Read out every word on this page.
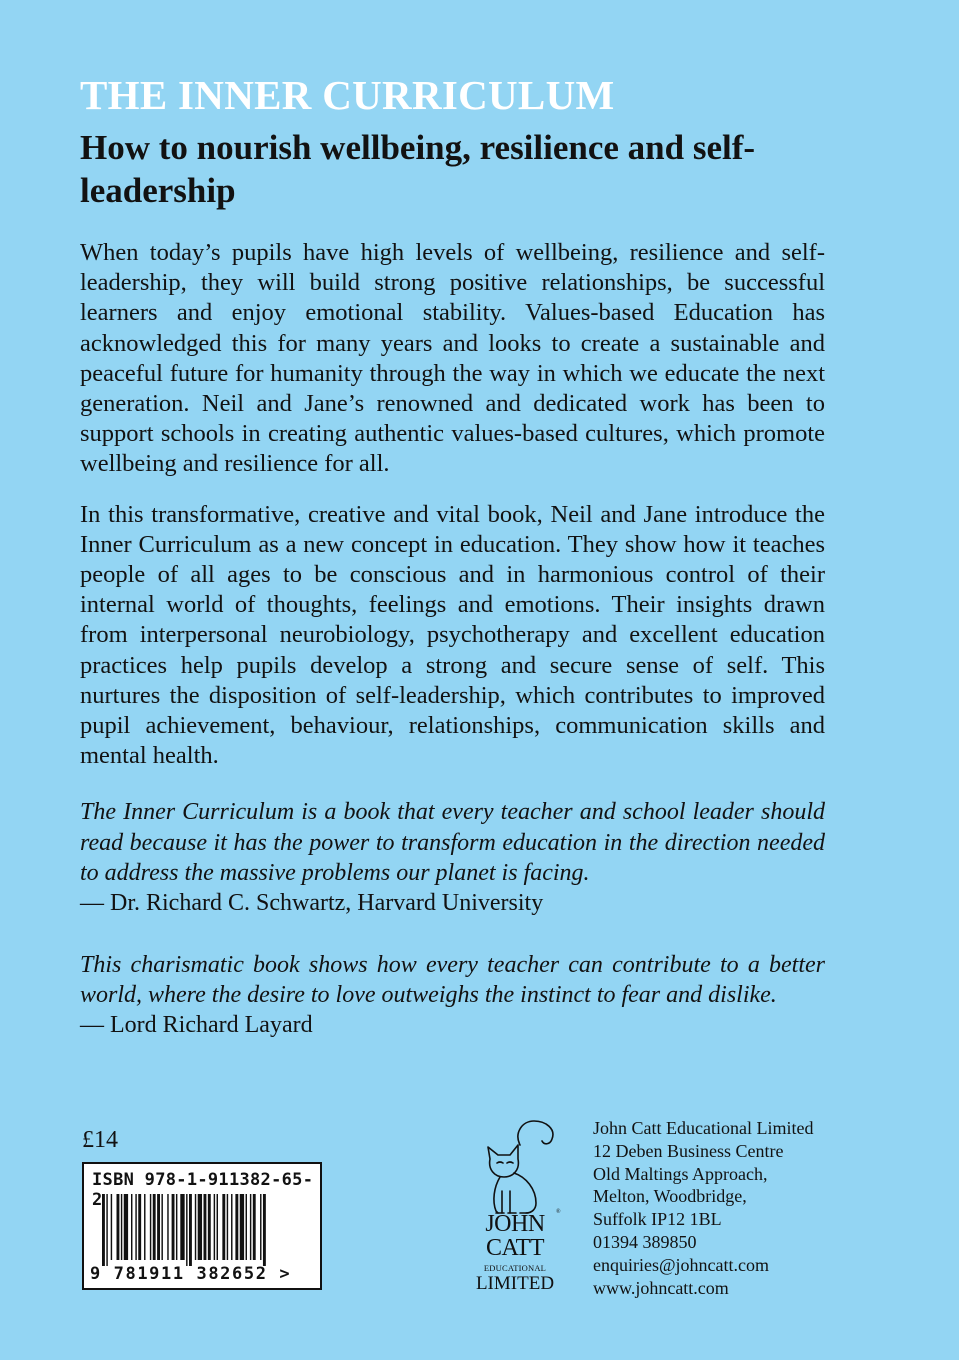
THE INNER CURRICULUM
How to nourish wellbeing, resilience and self-leadership

When today’s pupils have high levels of wellbeing, resilience and self-leadership, they will build strong positive relationships, be successful learners and enjoy emotional stability. Values-based Education has acknowledged this for many years and looks to create a sustainable and peaceful future for humanity through the way in which we educate the next generation. Neil and Jane’s renowned and dedicated work has been to support schools in creating authentic values-based cultures, which promote wellbeing and resilience for all.

In this transformative, creative and vital book, Neil and Jane introduce the Inner Curriculum as a new concept in education. They show how it teaches people of all ages to be conscious and in harmonious control of their internal world of thoughts, feelings and emotions. Their insights drawn from interpersonal neurobiology, psychotherapy and excellent education practices help pupils develop a strong and secure sense of self. This nurtures the disposition of self-leadership, which contributes to improved pupil achievement, behaviour, relationships, communication skills and mental health.

The Inner Curriculum is a book that every teacher and school leader should read because it has the power to transform education in the direction needed to address the massive problems our planet is facing.

— Dr. Richard C. Schwartz, Harvard University

This charismatic book shows how every teacher can contribute to a better world, where the desire to love outweighs the instinct to fear and dislike.

— Lord Richard Layard

£14
ISBN 978-1-911382-65-2
9 781911 382652 >
®
JOHN
CATT
EDUCATIONAL
LIMITED
John Catt Educational Limited
12 Deben Business Centre
Old Maltings Approach,
Melton, Woodbridge,
Suffolk IP12 1BL
01394 389850
enquiries@johncatt.com
www.johncatt.com
